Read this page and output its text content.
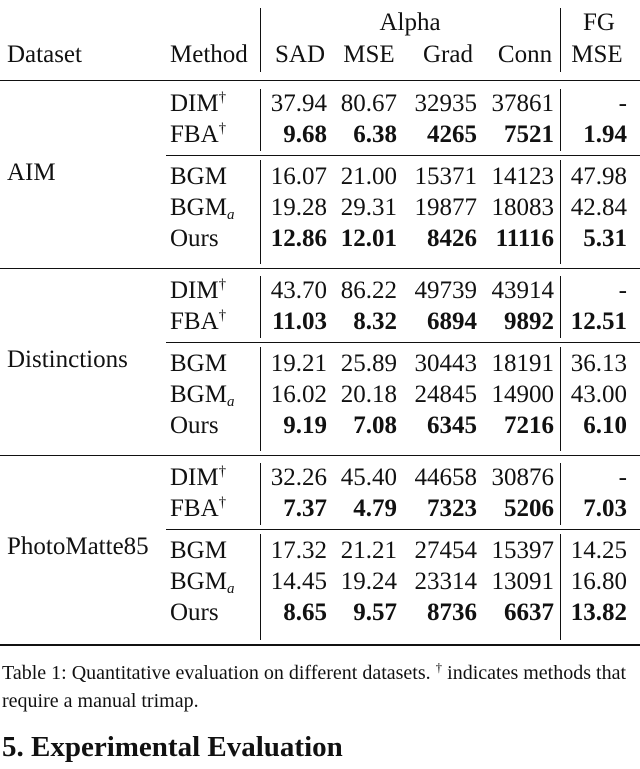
Alpha	FG
Dataset	Method	SAD MSE	Grad Conn MSE
AIM
DIM†	37.94 80.67 32935 37861	-
FBA†	9.68	6.38	4265	7521	1.94
BGM	16.07 21.00 15371 14123 47.98
$BGM_a$	19.28 29.31 19877 18083 42.84
Ours	12.86 12.01	8426 11116	5.31
Distinctions
DIM†	43.70 86.22 49739 43914	-
FBA†	11.03	8.32	6894	9892 12.51
BGM	19.21 25.89 30443 18191 36.13
$BGM_a$	16.02 20.18 24845 14900 43.00
Ours	9.19	7.08	6345	7216	6.10
PhotoMatte85
DIM†	32.26 45.40 44658 30876	-
FBA†	7.37	4.79	7323	5206	7.03
BGM	17.32 21.21 27454 15397 14.25
$BGM_a$	14.45 19.24 23314 13091 16.80
Ours	8.65	9.57	8736	6637 13.82
Table 1: Quantitative evaluation on different datasets. † indicates methods that require a manual trimap.
5. Experimental Evaluation
